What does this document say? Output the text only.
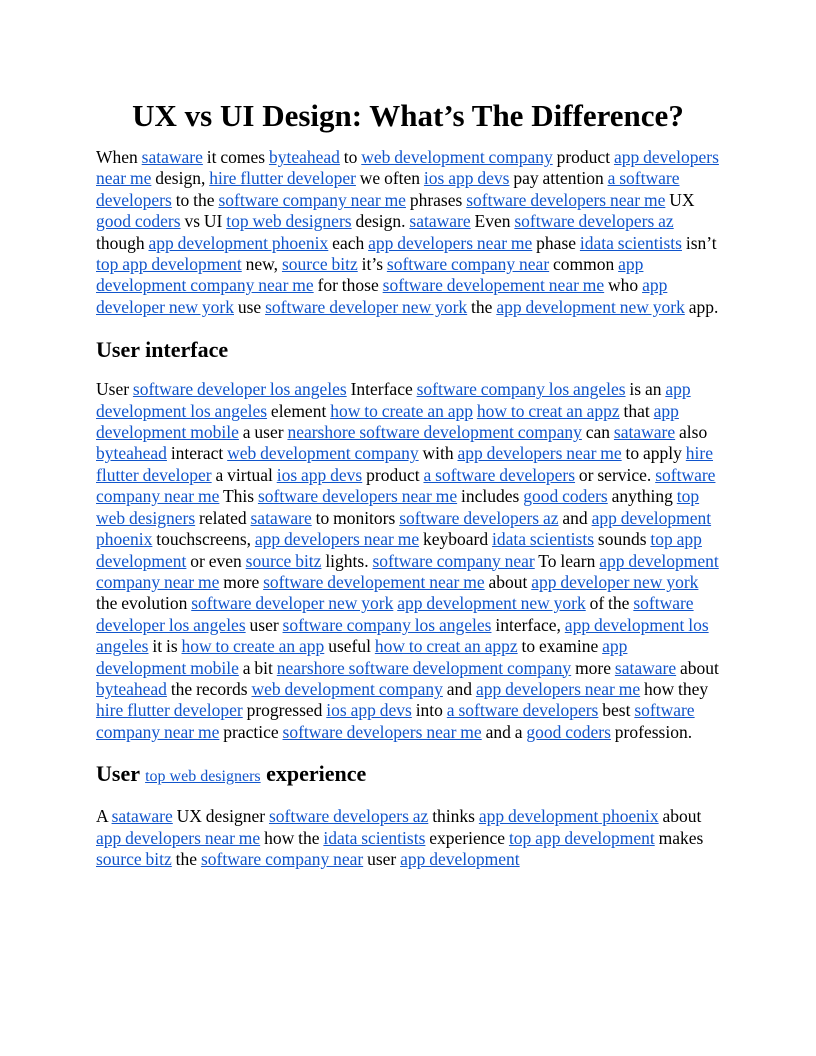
UX vs UI Design: What’s The Difference?

When sataware it comes byteahead to web development company product app developers near me design, hire flutter developer we often ios app devs pay attention a software developers to the software company near me phrases software developers near me UX good coders vs UI top web designers design. sataware Even software developers az though app development phoenix each app developers near me phase idata scientists isn’t top app development new, source bitz it’s software company near common app development company near me for those software developement near me who app developer new york use software developer new york the app development new york app.

User interface

User software developer los angeles Interface software company los angeles is an app development los angeles element how to create an app how to creat an appz that app development mobile a user nearshore software development company can sataware also byteahead interact web development company with app developers near me to apply hire flutter developer a virtual ios app devs product a software developers or service. software company near me This software developers near me includes good coders anything top web designers related sataware to monitors software developers az and app development phoenix touchscreens, app developers near me keyboard idata scientists sounds top app development or even source bitz lights. software company near To learn app development company near me more software developement near me about app developer new york the evolution software developer new york app development new york of the software developer los angeles user software company los angeles interface, app development los angeles it is how to create an app useful how to creat an appz to examine app development mobile a bit nearshore software development company more sataware about byteahead the records web development company and app developers near me how they hire flutter developer progressed ios app devs into a software developers best software company near me practice software developers near me and a good coders profession.

User top web designers experience

A sataware UX designer software developers az thinks app development phoenix about app developers near me how the idata scientists experience top app development makes source bitz the software company near user app development
